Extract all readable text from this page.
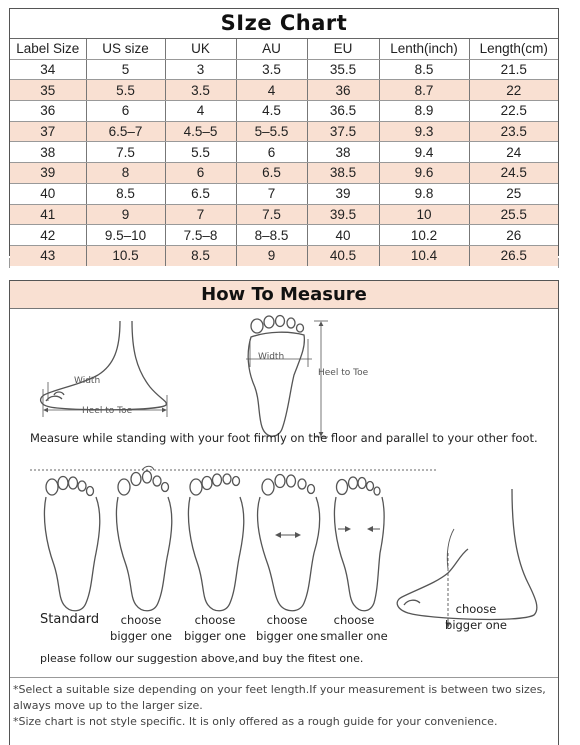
SIze Chart
Label Size	US size	UK	AU	EU	Lenth(inch)	Length(cm)
34	5	3	3.5	35.5	8.5	21.5
35	5.5	3.5	4	36	8.7	22
36	6	4	4.5	36.5	8.9	22.5
37	6.5–7	4.5–5	5–5.5	37.5	9.3	23.5
38	7.5	5.5	6	38	9.4	24
39	8	6	6.5	38.5	9.6	24.5
40	8.5	6.5	7	39	9.8	25
41	9	7	7.5	39.5	10	25.5
42	9.5–10	7.5–8	8–8.5	40	10.2	26
43	10.5	8.5	9	40.5	10.4	26.5
How To Measure
Width
Heel to Toe
Width
Heel to Toe
Measure while standing with your foot firmly on the floor and parallel to your other foot.
Standard	choose
bigger one
choose
bigger one
choose
bigger one
choose
smaller one
choose
bigger one
please follow our suggestion above,and buy the fitest one.

*Select a suitable size depending on your feet length.If your measurement is between two sizes, always move up to the larger size.

*Size chart is not style specific. It is only offered as a rough guide for your convenience.
